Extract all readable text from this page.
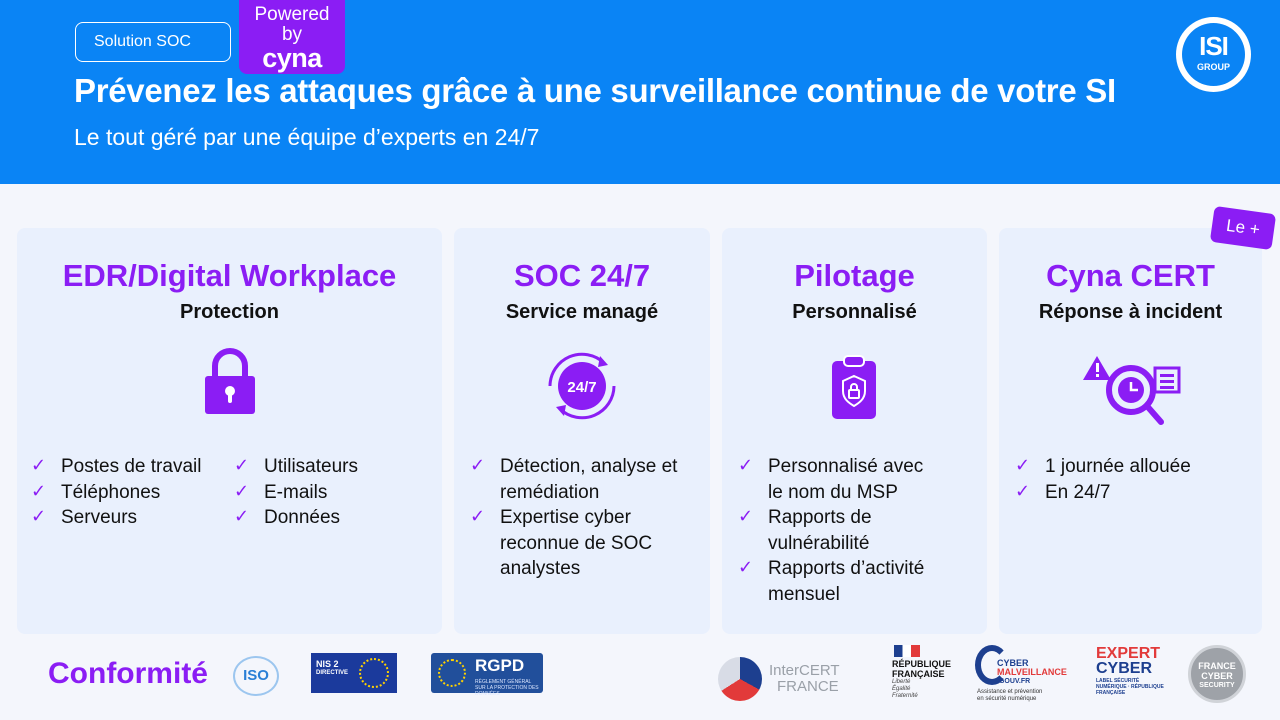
Solution SOC
Powered
by
cyna
Prévenez les attaques grâce à une surveillance continue de votre SI
Le tout géré par une équipe d’experts en 24/7
ISI
GROUP
EDR/Digital Workplace
Protection
✓ Postes de travail
✓ Téléphones
✓ Serveurs
✓ Utilisateurs
✓ E-mails
✓ Données
SOC 24/7
Service managé
24/7
✓ Détection, analyse et
remédiation
✓ Expertise cyber
reconnue de SOC
analystes
Pilotage
Personnalisé
✓ Personnalisé avec
le nom du MSP
✓ Rapports de
vulnérabilité
✓ Rapports d’activité
mensuel
Cyna CERT
Réponse à incident
✓ 1 journée allouée
✓ En 24/7
Le +
Conformité	ISO
NIS 2
DIRECTIVE	RGPD
RÈGLEMENT GÉNÉRAL SUR LA PROTECTION DES DONNÉES
InterCERT
FRANCE
RÉPUBLIQUE
FRANÇAISE
Liberté
Égalité
Fraternité
CYBER
MALVEILLANCE
.GOUV.FR
Assistance et prévention
en sécurité numérique
EXPERT
CYBER
LABEL SÉCURITÉ NUMÉRIQUE · RÉPUBLIQUE FRANÇAISE
FRANCE
CYBER
SECURITY
